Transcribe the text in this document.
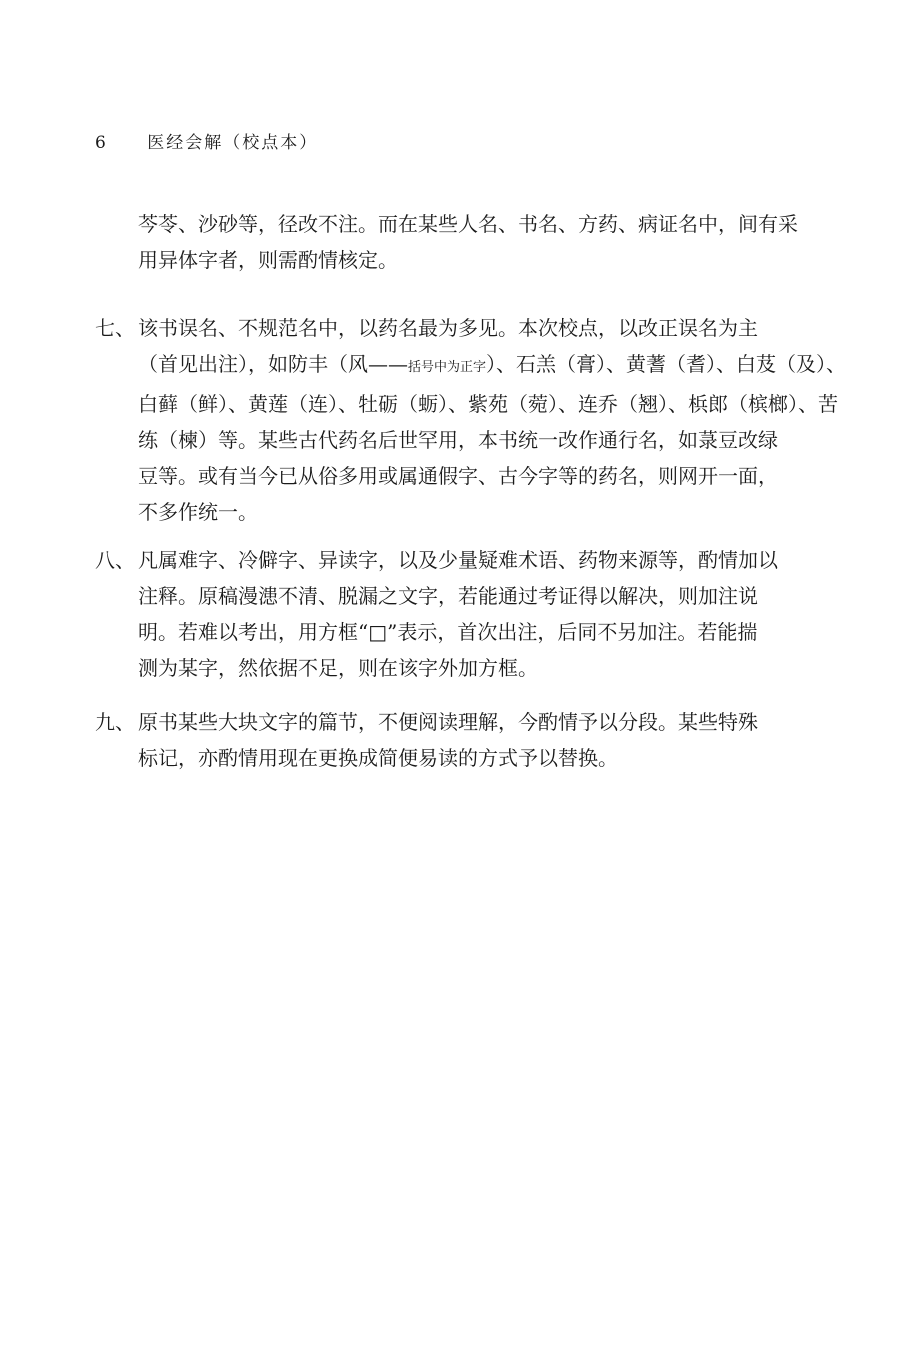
6 医经会解（校点本）
芩苓、沙砂等，径改不注。而在某些人名、书名、方药、病证名中，间有采
用异体字者，则需酌情核定。
七、 该书误名、不规范名中，以药名最为多见。本次校点，以改正误名为主
（首见出注），如防丰（风——括号中为正字）、石羔（膏）、黄蓍（耆）、白芨（及）、
白藓（鲜）、黄莲（连）、牡砺（蛎）、紫苑（菀）、连乔（翘）、梹郎（槟榔）、苦
练（楝）等。某些古代药名后世罕用，本书统一改作通行名，如菉豆改绿
豆等。或有当今已从俗多用或属通假字、古今字等的药名，则网开一面，
不多作统一。
八、 凡属难字、冷僻字、异读字，以及少量疑难术语、药物来源等，酌情加以
注释。原稿漫漶不清、脱漏之文字，若能通过考证得以解决，则加注说
明。若难以考出，用方框“□”表示，首次出注，后同不另加注。若能揣
测为某字，然依据不足，则在该字外加方框。
九、 原书某些大块文字的篇节，不便阅读理解，今酌情予以分段。某些特殊
标记，亦酌情用现在更换成简便易读的方式予以替换。
